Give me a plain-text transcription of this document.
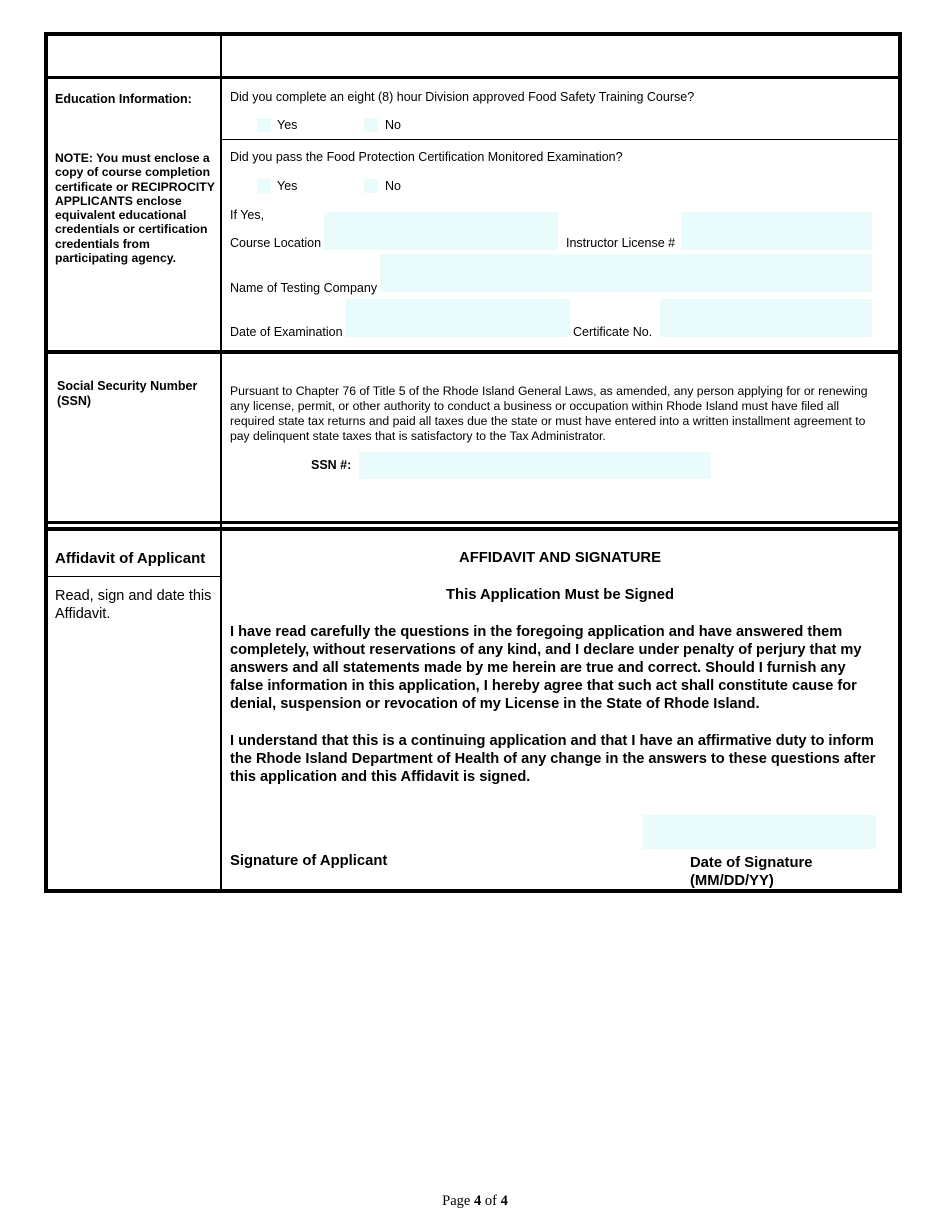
Education Information:
NOTE: You must enclose a copy of course completion certificate or RECIPROCITY APPLICANTS enclose equivalent educational credentials or certification credentials from participating agency.
Did you complete an eight (8) hour Division approved Food Safety Training Course?
Yes	No
Did you pass the Food Protection Certification Monitored Examination?
Yes	No
If Yes,
Course Location	Instructor License #
Name of Testing Company
Date of Examination	Certificate No.
Social Security Number (SSN)
Pursuant to Chapter 76 of Title 5 of the Rhode Island General Laws, as amended, any person applying for or renewing any license, permit, or other authority to conduct a business or occupation within Rhode Island must have filed all required state tax returns and paid all taxes due the state or must have entered into a written installment agreement to pay delinquent state taxes that is satisfactory to the Tax Administrator.
SSN #:
Affidavit of Applicant
Read, sign and date this Affidavit.
AFFIDAVIT AND SIGNATURE
This Application Must be Signed
I have read carefully the questions in the foregoing application and have answered them completely, without reservations of any kind, and I declare under penalty of perjury that my answers and all statements made by me herein are true and correct. Should I furnish any false information in this application, I hereby agree that such act shall constitute cause for denial, suspension or revocation of my License in the State of Rhode Island.
I understand that this is a continuing application and that I have an affirmative duty to inform the Rhode Island Department of Health of any change in the answers to these questions after this application and this Affidavit is signed.
Signature of Applicant	Date of Signature (MM/DD/YY)
Page 4 of 4
